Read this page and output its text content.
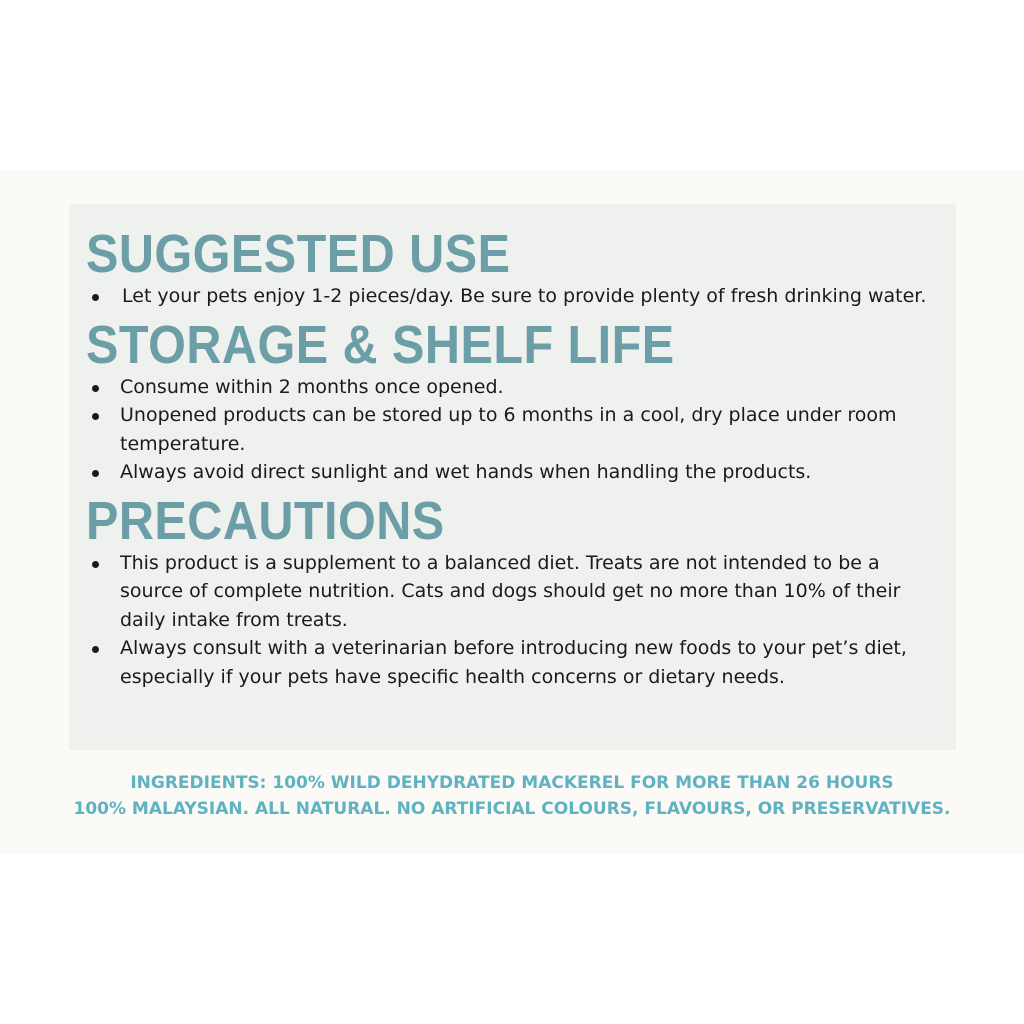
SUGGESTED USE
Let your pets enjoy 1-2 pieces/day. Be sure to provide plenty of fresh drinking water.
STORAGE & SHELF LIFE
Consume within 2 months once opened.
Unopened products can be stored up to 6 months in a cool, dry place under room temperature.
Always avoid direct sunlight and wet hands when handling the products.
PRECAUTIONS
This product is a supplement to a balanced diet. Treats are not intended to be a source of complete nutrition. Cats and dogs should get no more than 10% of their daily intake from treats.
Always consult with a veterinarian before introducing new foods to your pet’s diet, especially if your pets have specific health concerns or dietary needs.
INGREDIENTS: 100% WILD DEHYDRATED MACKEREL FOR MORE THAN 26 HOURS
100% MALAYSIAN. ALL NATURAL. NO ARTIFICIAL COLOURS, FLAVOURS, OR PRESERVATIVES.
